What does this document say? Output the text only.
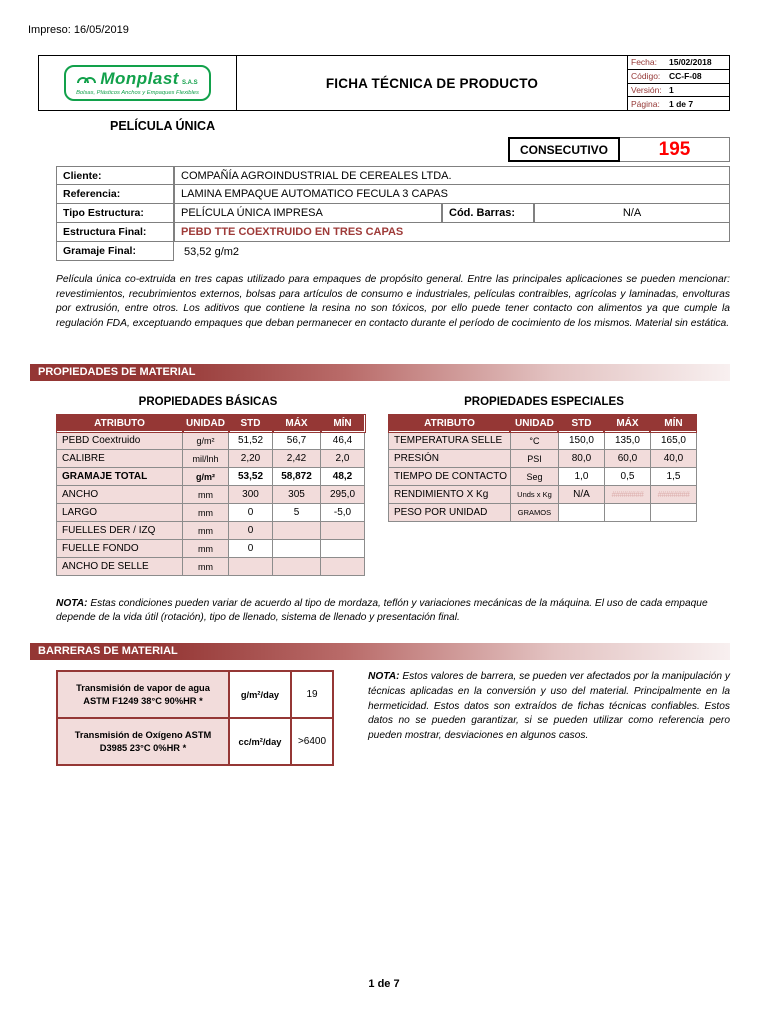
Impreso: 16/05/2019
Monplast S.A.S
Bolsas, Plásticos Anchos y Empaques Flexibles
FICHA TÉCNICA DE PRODUCTO
Fecha:	15/02/2018
Código:	CC-F-08
Versión: 1
Página:	1 de 7
PELÍCULA ÚNICA
CONSECUTIVO	195
Cliente:	COMPAÑÍA AGROINDUSTRIAL DE CEREALES LTDA.
Referencia:	LAMINA EMPAQUE AUTOMATICO FECULA 3 CAPAS
Tipo Estructura:	PELÍCULA ÚNICA IMPRESA	Cód. Barras:	N/A
Estructura Final:	PEBD TTE COEXTRUIDO EN TRES CAPAS
Gramaje Final:	53,52 g/m2
Película única co-extruida en tres capas utilizado para empaques de propósito general. Entre las principales aplicaciones se pueden mencionar: revestimientos, recubrimientos externos, bolsas para artículos de consumo e industriales, películas contraibles, agrícolas y laminadas, envolturas por extrusión, entre otros. Los aditivos que contiene la resina no son tóxicos, por ello puede tener contacto con alimentos ya que cumple la regulación FDA, exceptuando empaques que deban permanecer en contacto durante el período de cocimiento de los mismos. Material sin estática.
PROPIEDADES DE MATERIAL
PROPIEDADES BÁSICAS	PROPIEDADES ESPECIALES
ATRIBUTO	UNIDAD	STD	MÁX	MÍN
PEBD Coextruido	g/m²	51,52	56,7	46,4
CALIBRE	mil/lnh	2,20	2,42	2,0
GRAMAJE TOTAL	g/m²	53,52	58,872	48,2
ANCHO	mm	300	305	295,0
LARGO	mm	0	5	-5,0
FUELLES DER / IZQ	mm	0		
FUELLE FONDO	mm	0		
ANCHO DE SELLE	mm			
ATRIBUTO	UNIDAD	STD	MÁX	MÍN
TEMPERATURA SELLE	°C	150,0	135,0	165,0
PRESIÓN	PSI	80,0	60,0	40,0
TIEMPO DE CONTACTO	Seg	1,0	0,5	1,5
RENDIMIENTO X Kg	Unds x Kg	N/A	########	########
PESO POR UNIDAD	GRAMOS			
NOTA: Estas condiciones pueden variar de acuerdo al tipo de mordaza, teflón y variaciones mecánicas de la máquina. El uso de cada empaque depende de la vida útil (rotación), tipo de llenado, sistema de llenado y presentación final.
BARRERAS DE MATERIAL
Transmisión de vapor de agua ASTM F1249 38°C 90%HR *	g/m²/day	19
Transmisión de Oxígeno ASTM D3985 23°C 0%HR *	cc/m²/day	>6400
NOTA: Estos valores de barrera, se pueden ver afectados por la manipulación y técnicas aplicadas en la conversión y uso del material. Principalmente en la hermeticidad. Estos datos son extraídos de fichas técnicas confiables. Estos datos no se pueden garantizar, si se pueden utilizar como referencia pero pueden mostrar, desviaciones en algunos casos.
1 de 7
